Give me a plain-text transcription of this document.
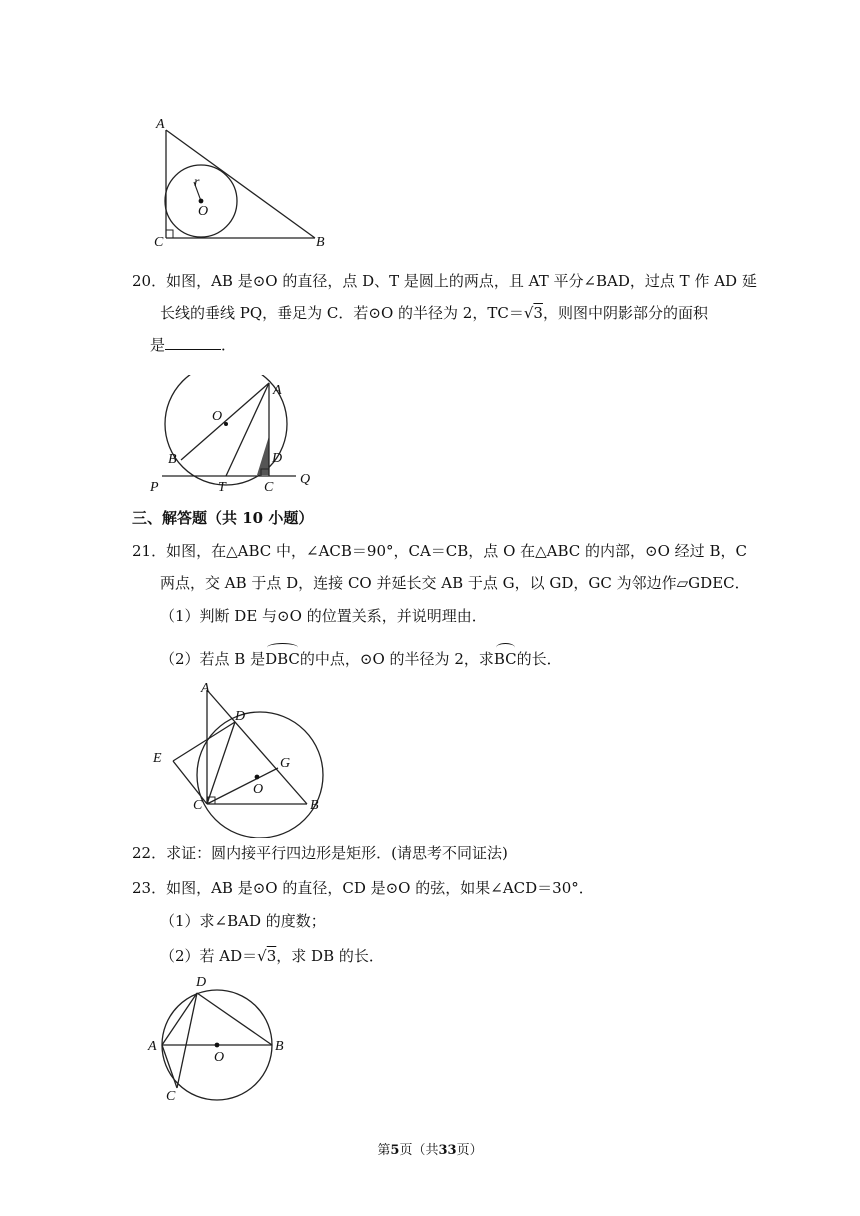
A
r
O
C	B
20．如图，AB 是⊙O 的直径，点 D、T 是圆上的两点，且 AT 平分∠BAD，过点 T 作 AD 延
长线的垂线 PQ，垂足为 C．若⊙O 的半径为 2，TC＝√3，则图中阴影部分的面积
是	．
A
O
B	D
P	T	C
Q
三、解答题（共 10 小题）
21．如图，在△ABC 中，∠ACB＝90°，CA＝CB，点 O 在△ABC 的内部，⊙O 经过 B，C
两点，交 AB 于点 D，连接 CO 并延长交 AB 于点 G，以 GD，GC 为邻边作▱GDEC．
（1）判断 DE 与⊙O 的位置关系，并说明理由．
（2）若点 B 是
DBC的中点，⊙O 的半径为 2，求
BC的长．
A
D
E	G
O
C	B
22．求证：圆内接平行四边形是矩形．(请思考不同证法)
23．如图，AB 是⊙O 的直径，CD 是⊙O 的弦，如果∠ACD＝30°．
（1）求∠BAD 的度数；
（2）若 AD＝√3，求 DB 的长．
D
A
O
B
C
第5页（共33页）
